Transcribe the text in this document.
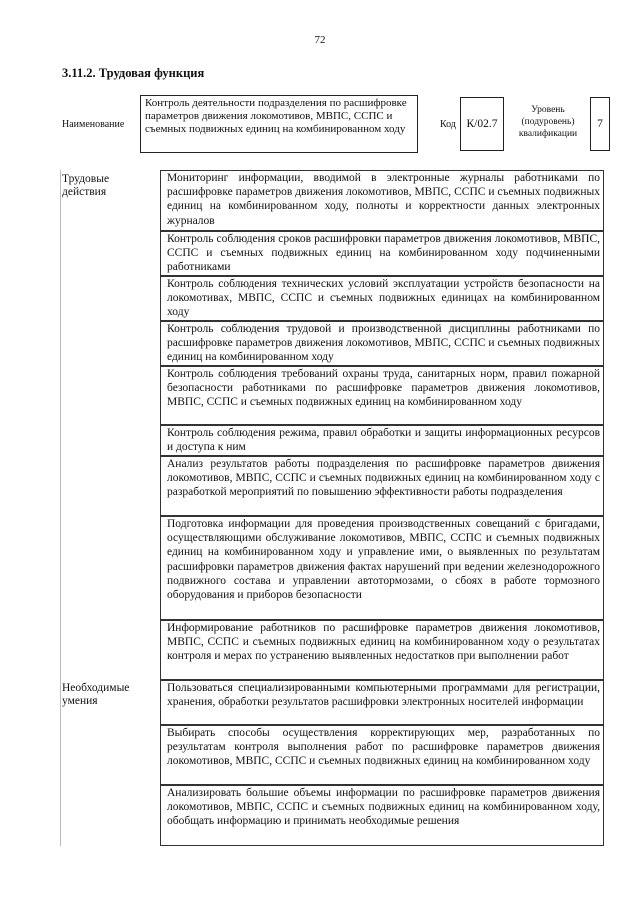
72
3.11.2. Трудовая функция
Наименование
Контроль деятельности подразделения по расшифровке параметров движения локомотивов, МВПС, ССПС и съемных подвижных единиц на комбинированном ходу	Код К/02.7
Уровень (подуровень) квалификации
7
Трудовые действия
Необходимые умения
Мониторинг информации, вводимой в электронные журналы работниками по расшифровке параметров движения локомотивов, МВПС, ССПС и съемных подвижных единиц на комбинированном ходу, полноты и корректности данных электронных журналов
Контроль соблюдения сроков расшифровки параметров движения локомотивов, МВПС, ССПС и съемных подвижных единиц на комбинированном ходу подчиненными работниками
Контроль соблюдения технических условий эксплуатации устройств безопасности на локомотивах, МВПС, ССПС и съемных подвижных единицах на комбинированном ходу
Контроль соблюдения трудовой и производственной дисциплины работниками по расшифровке параметров движения локомотивов, МВПС, ССПС и съемных подвижных единиц на комбинированном ходу
Контроль соблюдения требований охраны труда, санитарных норм, правил пожарной безопасности работниками по расшифровке параметров движения локомотивов, МВПС, ССПС и съемных подвижных единиц на комбинированном ходу
Контроль соблюдения режима, правил обработки и защиты информационных ресурсов и доступа к ним
Анализ результатов работы подразделения по расшифровке параметров движения локомотивов, МВПС, ССПС и съемных подвижных единиц на комбинированном ходу с разработкой мероприятий по повышению эффективности работы подразделения
Подготовка информации для проведения производственных совещаний с бригадами, осуществляющими обслуживание локомотивов, МВПС, ССПС и съемных подвижных единиц на комбинированном ходу и управление ими, о выявленных по результатам расшифровки параметров движения фактах нарушений при ведении железнодорожного подвижного состава и управлении автотормозами, о сбоях в работе тормозного оборудования и приборов безопасности
Информирование работников по расшифровке параметров движения локомотивов, МВПС, ССПС и съемных подвижных единиц на комбинированном ходу о результатах контроля и мерах по устранению выявленных недостатков при выполнении работ
Пользоваться специализированными компьютерными программами для регистрации, хранения, обработки результатов расшифровки электронных носителей информации
Выбирать способы осуществления корректирующих мер, разработанных по результатам контроля выполнения работ по расшифровке параметров движения локомотивов, МВПС, ССПС и съемных подвижных единиц на комбинированном ходу
Анализировать большие объемы информации по расшифровке параметров движения локомотивов, МВПС, ССПС и съемных подвижных единиц на комбинированном ходу, обобщать информацию и принимать необходимые решения
